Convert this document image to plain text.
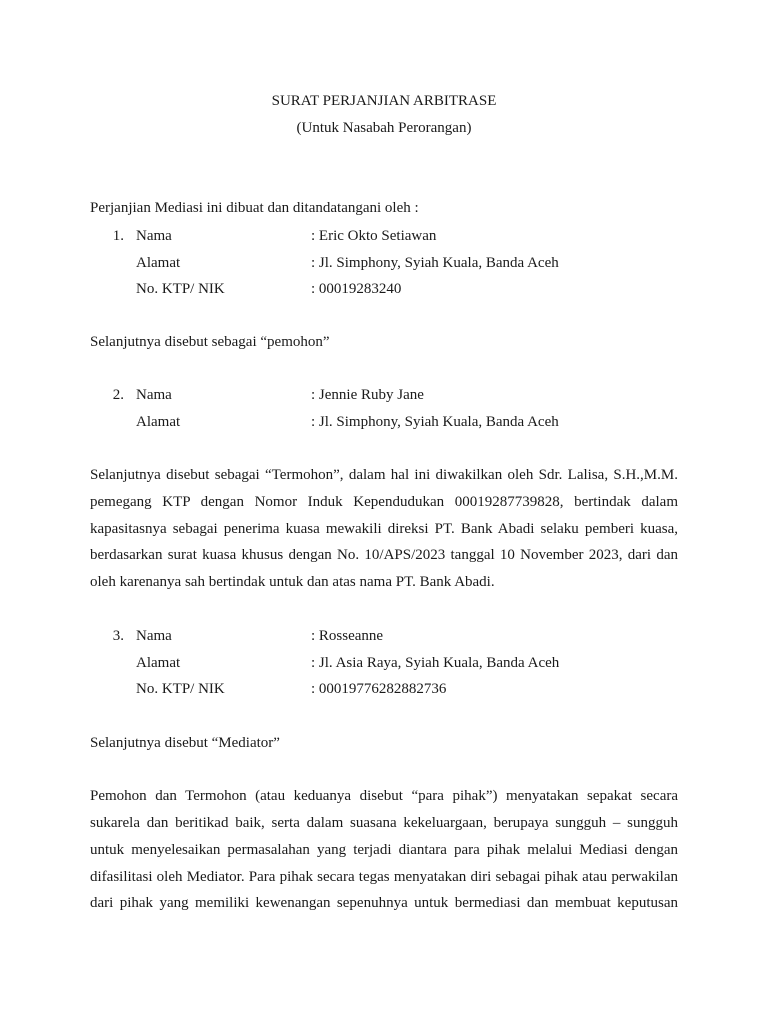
SURAT PERJANJIAN ARBITRASE
(Untuk Nasabah Perorangan)
Perjanjian Mediasi ini dibuat dan ditandatangani oleh :
1. Nama	: Eric Okto Setiawan
Alamat	: Jl. Simphony, Syiah Kuala, Banda Aceh
No. KTP/ NIK	: 00019283240
Selanjutnya disebut sebagai “pemohon”
2. Nama	: Jennie Ruby Jane
Alamat	: Jl. Simphony, Syiah Kuala, Banda Aceh
Selanjutnya disebut sebagai “Termohon”, dalam hal ini diwakilkan oleh Sdr. Lalisa, S.H.,M.M.
pemegang KTP dengan Nomor Induk Kependudukan 00019287739828, bertindak dalam
kapasitasnya sebagai penerima kuasa mewakili direksi PT. Bank Abadi selaku pemberi kuasa,
berdasarkan surat kuasa khusus dengan No. 10/APS/2023 tanggal 10 November 2023, dari dan
oleh karenanya sah bertindak untuk dan atas nama PT. Bank Abadi.
3. Nama	: Rosseanne
Alamat	: Jl. Asia Raya, Syiah Kuala, Banda Aceh
No. KTP/ NIK	: 00019776282882736
Selanjutnya disebut “Mediator”
Pemohon dan Termohon (atau keduanya disebut “para pihak”) menyatakan sepakat secara
sukarela dan beritikad baik, serta dalam suasana kekeluargaan, berupaya sungguh – sungguh
untuk menyelesaikan permasalahan yang terjadi diantara para pihak melalui Mediasi dengan
difasilitasi oleh Mediator. Para pihak secara tegas menyatakan diri sebagai pihak atau perwakilan
dari pihak yang memiliki kewenangan sepenuhnya untuk bermediasi dan membuat keputusan
